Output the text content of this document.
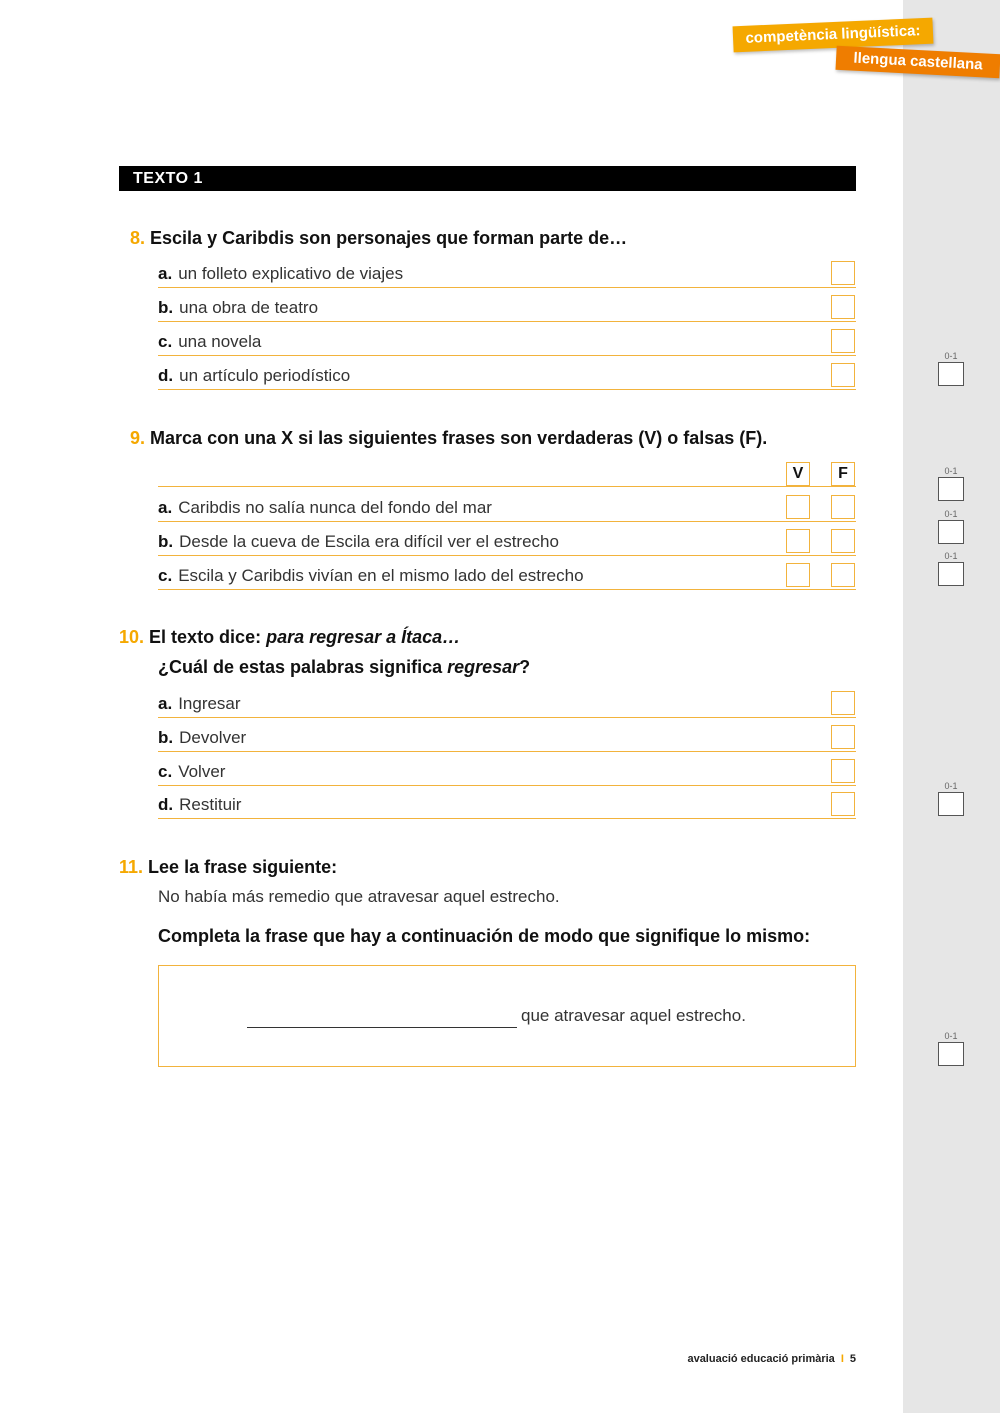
competència lingüística:
llengua castellana
TEXTO 1
8. Escila y Caribdis son personajes que forman parte de…
a. un folleto explicativo de viajes
b. una obra de teatro
c. una novela
d. un artículo periodístico
9. Marca con una X si las siguientes frases son verdaderas (V) o falsas (F).
V	F
a. Caribdis no salía nunca del fondo del mar
b. Desde la cueva de Escila era difícil ver el estrecho
c. Escila y Caribdis vivían en el mismo lado del estrecho
10. El texto dice: para regresar a Ítaca…
¿Cuál de estas palabras significa regresar?
a. Ingresar
b. Devolver
c. Volver
d. Restituir
11. Lee la frase siguiente:
No había más remedio que atravesar aquel estrecho.
Completa la frase que hay a continuación de modo que signifique lo mismo:
que atravesar aquel estrecho.
0-1
0-1
0-1
0-1
0-1
0-1
avaluació educació primària I 5
